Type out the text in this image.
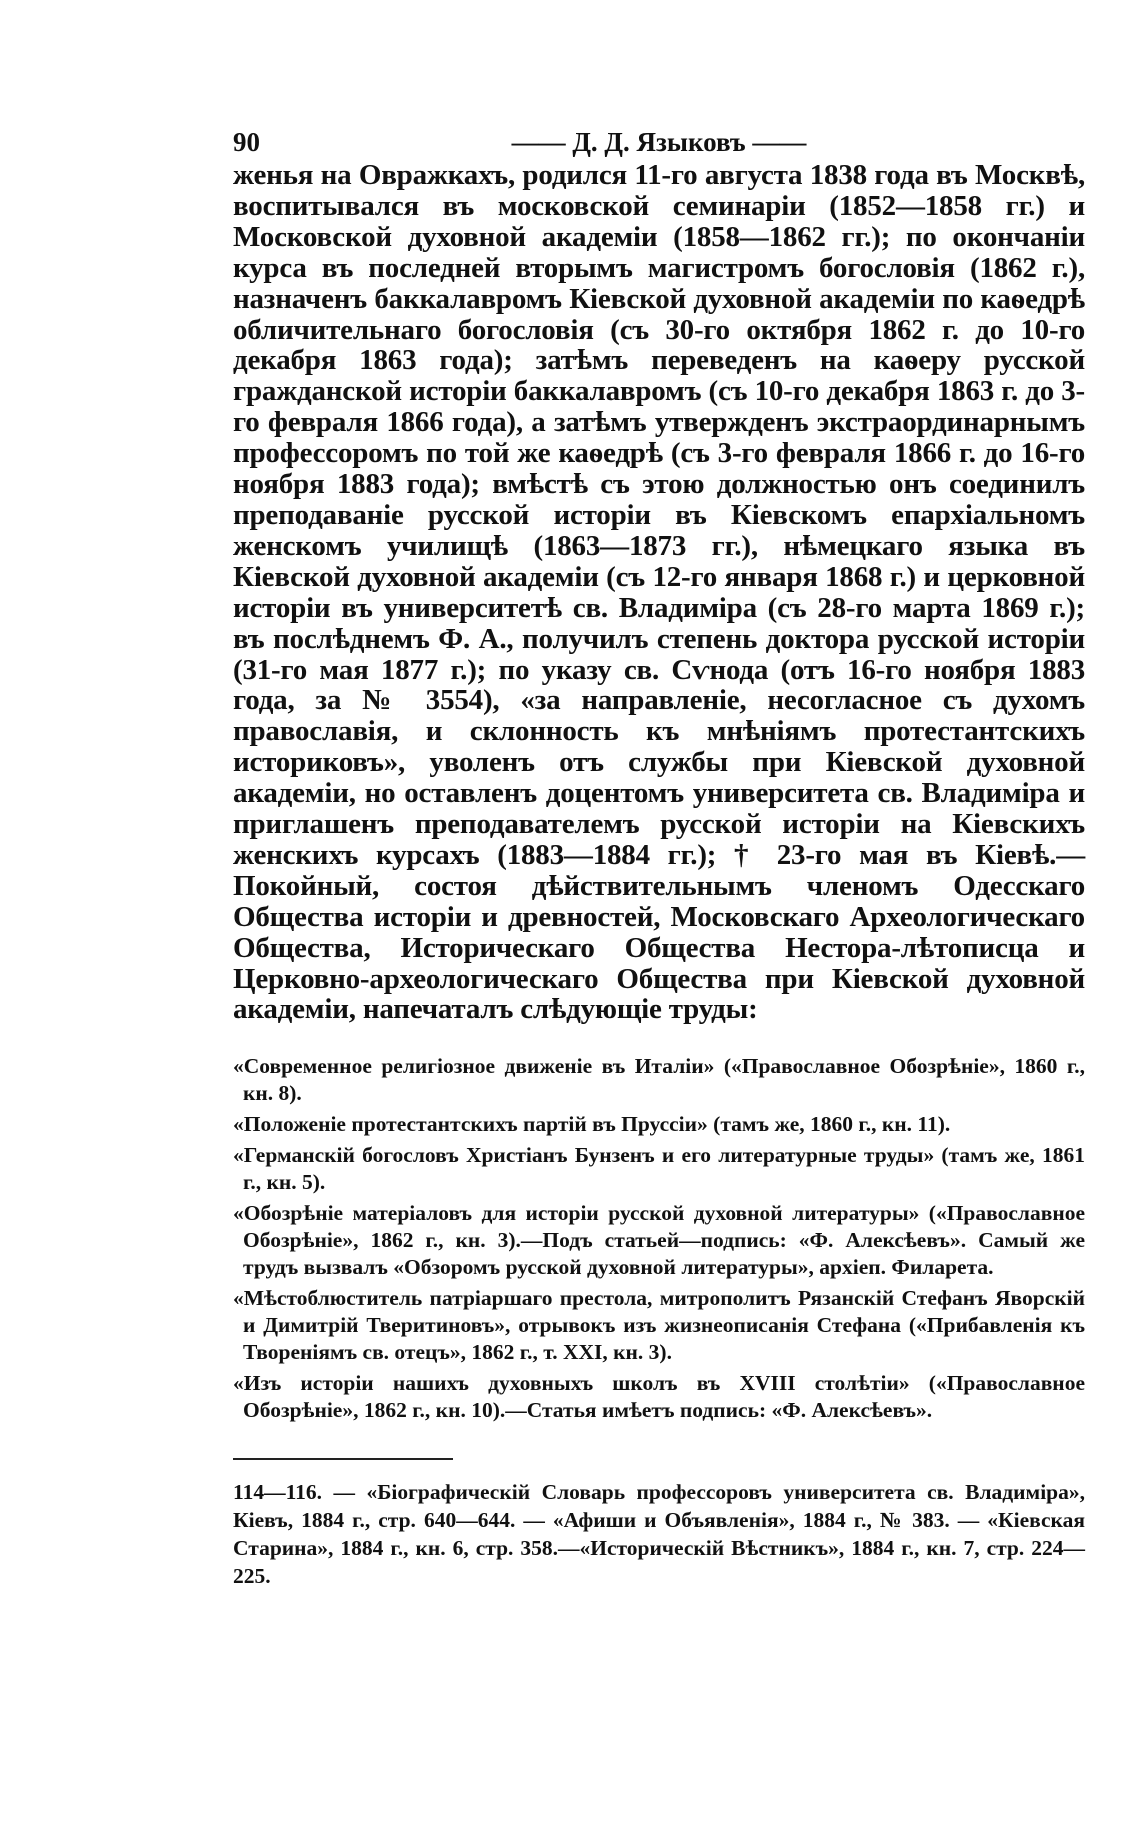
90	—— Д. Д. Языковъ ——
женья на Овражкахъ, родился 11-го августа 1838 года въ Москвѣ, воспитывался въ московской семинаріи (1852—1858 гг.) и Московской духовной академіи (1858—1862 гг.); по окончаніи курса въ последней вторымъ магистромъ богословія (1862 г.), назначенъ баккалавромъ Кіевской духовной академіи по каѳедрѣ обличительнаго богословія (съ 30-го октября 1862 г. до 10-го декабря 1863 года); затѣмъ переведенъ на каѳеру русской гражданской исторіи баккалавромъ (съ 10-го декабря 1863 г. до 3-го февраля 1866 года), а затѣмъ утвержденъ экстраординарнымъ профессоромъ по той же каѳедрѣ (съ 3-го февраля 1866 г. до 16-го ноября 1883 года); вмѣстѣ съ этою должностью онъ соединилъ преподаваніе русской исторіи въ Кіевскомъ епархіальномъ женскомъ училищѣ (1863—1873 гг.), нѣмецкаго языка въ Кіевской духовной академіи (съ 12-го января 1868 г.) и церковной исторіи въ университетѣ св. Владиміра (съ 28-го марта 1869 г.); въ послѣднемъ Ф. А., получилъ степень доктора русской исторіи (31-го мая 1877 г.); по указу св. Сѵнода (отъ 16-го ноября 1883 года, за № 3554), «за направленіе, несогласное съ духомъ православія, и склонность къ мнѣніямъ протестантскихъ историковъ», уволенъ отъ службы при Кіевской духовной академіи, но оставленъ доцентомъ университета св. Владиміра и приглашенъ преподавателемъ русской исторіи на Кіевскихъ женскихъ курсахъ (1883—1884 гг.); † 23-го мая въ Кіевѣ.— Покойный, состоя дѣйствительнымъ членомъ Одесскаго Общества исторіи и древностей, Московскаго Археологическаго Общества, Историческаго Общества Нестора-лѣтописца и Церковно-археологическаго Общества при Кіевской духовной академіи, напечаталъ слѣдующіе труды:
«Современное религіозное движеніе въ Италіи» («Православное Обозрѣніе», 1860 г., кн. 8).
«Положеніе протестантскихъ партій въ Пруссіи» (тамъ же, 1860 г., кн. 11).
«Германскій богословъ Христіанъ Бунзенъ и его литературные труды» (тамъ же, 1861 г., кн. 5).
«Обозрѣніе матеріаловъ для исторіи русской духовной литературы» («Православное Обозрѣніе», 1862 г., кн. 3).—Подъ статьей—подпись: «Ф. Алексѣевъ». Самый же трудъ вызвалъ «Обзоромъ русской духовной литературы», архіеп. Филарета.
«Мѣстоблюститель патріаршаго престола, митрополитъ Рязанскій Стефанъ Яворскій и Димитрій Тверитиновъ», отрывокъ изъ жизнеописанія Стефана («Прибавленія къ Твореніямъ св. отецъ», 1862 г., т. XXI, кн. 3).
«Изъ исторіи нашихъ духовныхъ школъ въ XVIII столѣтіи» («Православное Обозрѣніе», 1862 г., кн. 10).—Статья имѣетъ подпись: «Ф. Алексѣевъ».
114—116. — «Біографическій Словарь профессоровъ университета св. Владиміра», Кіевъ, 1884 г., стр. 640—644. — «Афиши и Объявленія», 1884 г., № 383. — «Кіевская Старина», 1884 г., кн. 6, стр. 358.—«Историческій Вѣстникъ», 1884 г., кн. 7, стр. 224—225.
